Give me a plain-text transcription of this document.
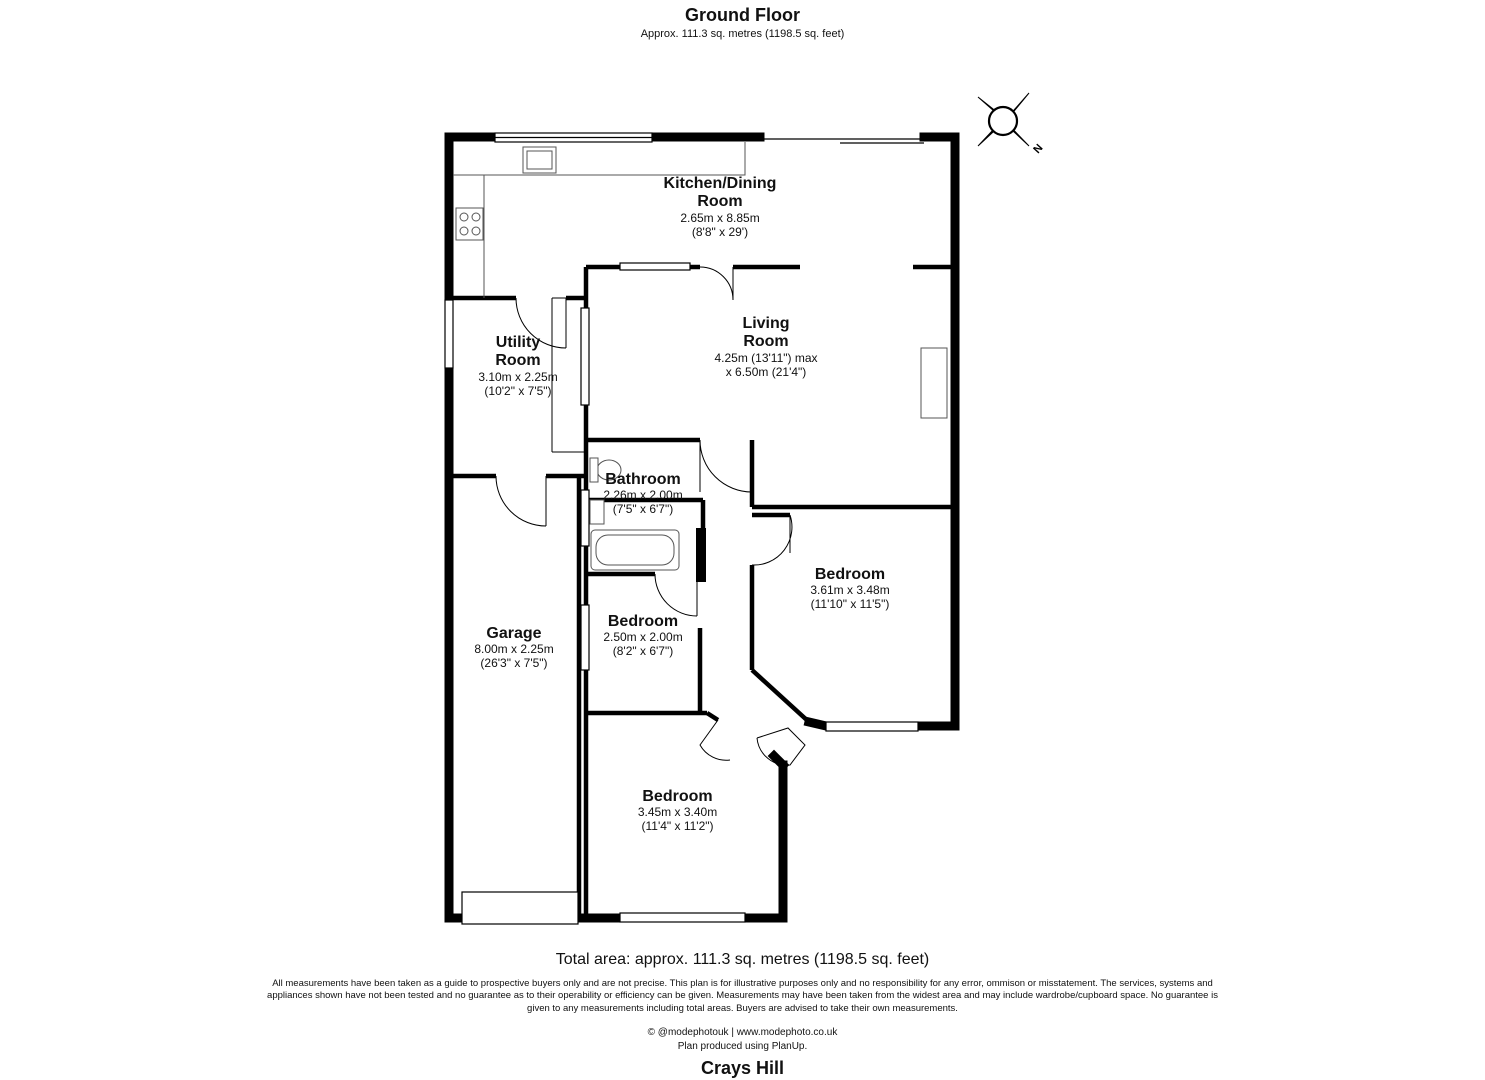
Ground Floor
Approx. 111.3 sq. metres (1198.5 sq. feet)
N
Kitchen/Dining
Room
2.65m x 8.85m
(8'8" x 29')
Living
Room
4.25m (13'11") max
x 6.50m (21'4")
Utility
Room
3.10m x 2.25m
(10'2" x 7'5")
Bathroom
2.26m x 2.00m
(7'5" x 6'7")
Bedroom
3.61m x 3.48m
(11'10" x 11'5")
Bedroom
2.50m x 2.00m
(8'2" x 6'7")
Garage
8.00m x 2.25m
(26'3" x 7'5")
Bedroom
3.45m x 3.40m
(11'4" x 11'2")
Total area: approx. 111.3 sq. metres (1198.5 sq. feet)
All measurements have been taken as a guide to prospective buyers only and are not precise. This plan is for illustrative purposes only and no responsibility for any error, ommison or misstatement. The services, systems and appliances shown have not been tested and no guarantee as to their operability or efficiency can be given. Measurements may have been taken from the widest area and may include wardrobe/cupboard space. No guarantee is given to any measurements including total areas. Buyers are advised to take their own measurements.
© @modephotouk | www.modephoto.co.uk
Plan produced using PlanUp.
Crays Hill
